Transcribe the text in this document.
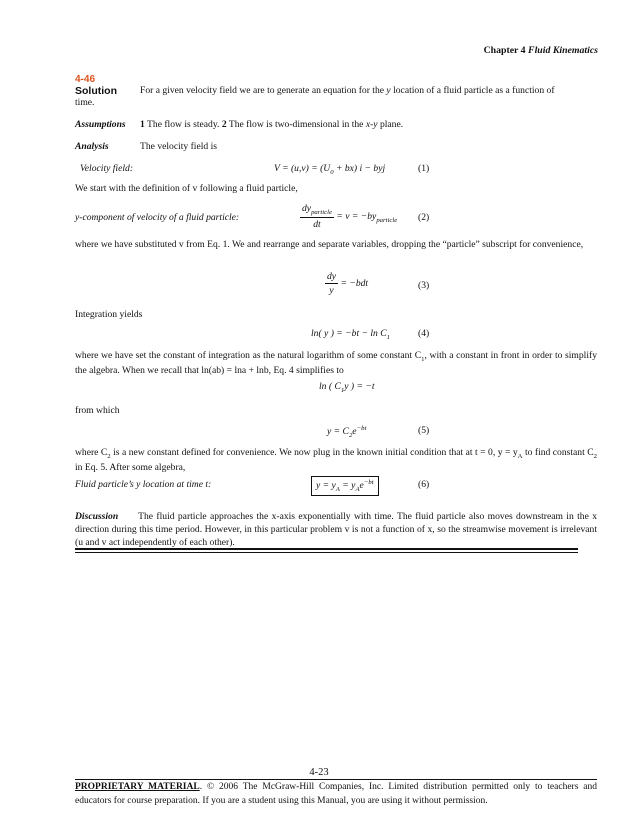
Chapter 4 Fluid Kinematics
4-46
Solution For a given velocity field we are to generate an equation for the y location of a fluid particle as a function of
time.
Assumptions 1 The flow is steady. 2 The flow is two-dimensional in the x-y plane.
Analysis	The velocity field is
Velocity field:	$V = (u,v) = (U_0 + bx) i$ − byj	(1)
We start with the definition of v following a fluid particle,
y-component of velocity of a fluid particle:	$\frac{dy_{particle}}{dt} = v = -by_{particle}$ (2)
where we have substituted v from Eq. 1. We and rearrange and separate variables, dropping the “particle” subscript for convenience,
$\frac{dy}{y} = -bdt$	(3)
Integration yields
ln( y ) = $-bt - \ln C_1$	(4)
where we have set the constant of integration as the natural logarithm of some constant $C_1$, with a constant in front in order to simplify the algebra. When we recall that ln(ab) = lna + lnb, Eq. 4 simplifies to
ln ( $C_1y$ ) = −t
from which
$y = C_2e^{-bt}$	(5)
where $C_2$ is a new constant defined for convenience. We now plug in the known initial condition that at t = 0, $y = y_A$ to find constant $C_2$ in Eq. 5. After some algebra,
Fluid particle’s y location at time t:	$y = y_A = y_Ae^{-bt}$	(6)
Discussion The fluid particle approaches the x-axis exponentially with time. The fluid particle also moves downstream in the x direction during this time period. However, in this particular problem v is not a function of x, so the streamwise movement is irrelevant (u and v act independently of each other).
4-23
PROPRIETARY MATERIAL. © 2006 The McGraw-Hill Companies, Inc. Limited distribution permitted only to teachers and educators for course preparation. If you are a student using this Manual, you are using it without permission.
